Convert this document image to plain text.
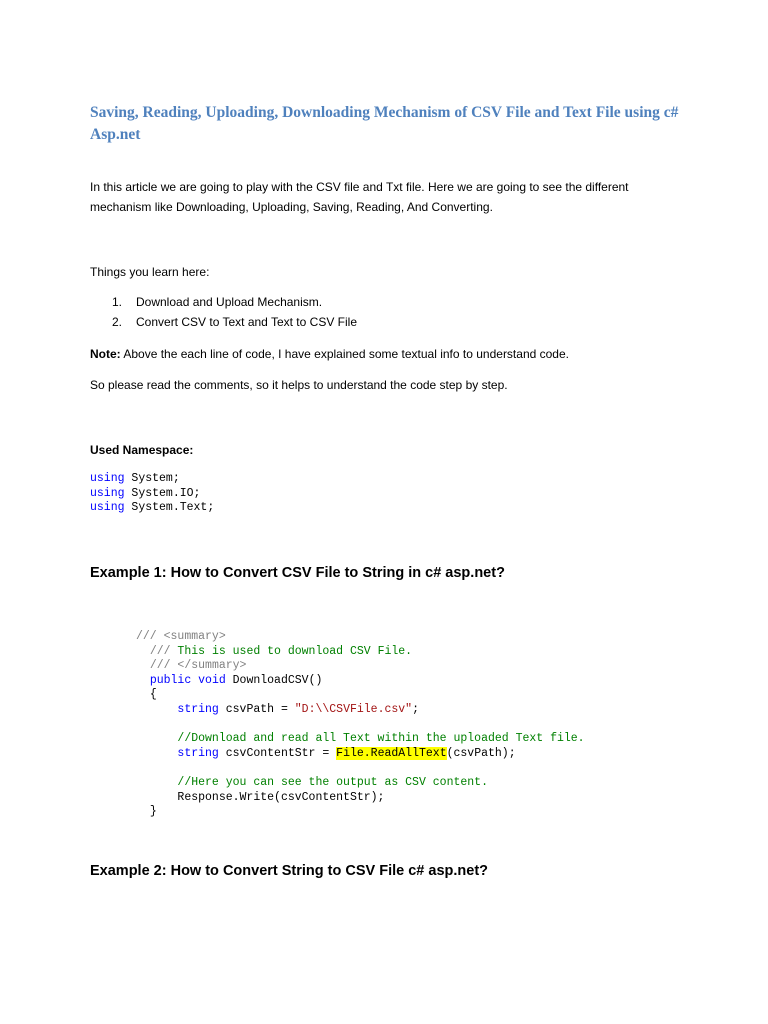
Saving, Reading, Uploading, Downloading Mechanism of CSV File and Text File using c# Asp.net
In this article we are going to play with the CSV file and Txt file. Here we are going to see the different mechanism like Downloading, Uploading, Saving, Reading, And Converting.
Things you learn here:
1. Download and Upload Mechanism.
2. Convert CSV to Text and Text to CSV File
Note: Above the each line of code, I have explained some textual info to understand code.
So please read the comments, so it helps to understand the code step by step.
Used Namespace:
using System;
using System.IO;
using System.Text;
Example 1: How to Convert CSV File to String in c# asp.net?
/// <summary>
/// This is used to download CSV File.
/// </summary>
public void DownloadCSV()
{
string csvPath = "D:\\CSVFile.csv";

//Download and read all Text within the uploaded Text file.
string csvContentStr = File.ReadAllText(csvPath);

//Here you can see the output as CSV content.
Response.Write(csvContentStr);
}
Example 2: How to Convert String to CSV File c# asp.net?
